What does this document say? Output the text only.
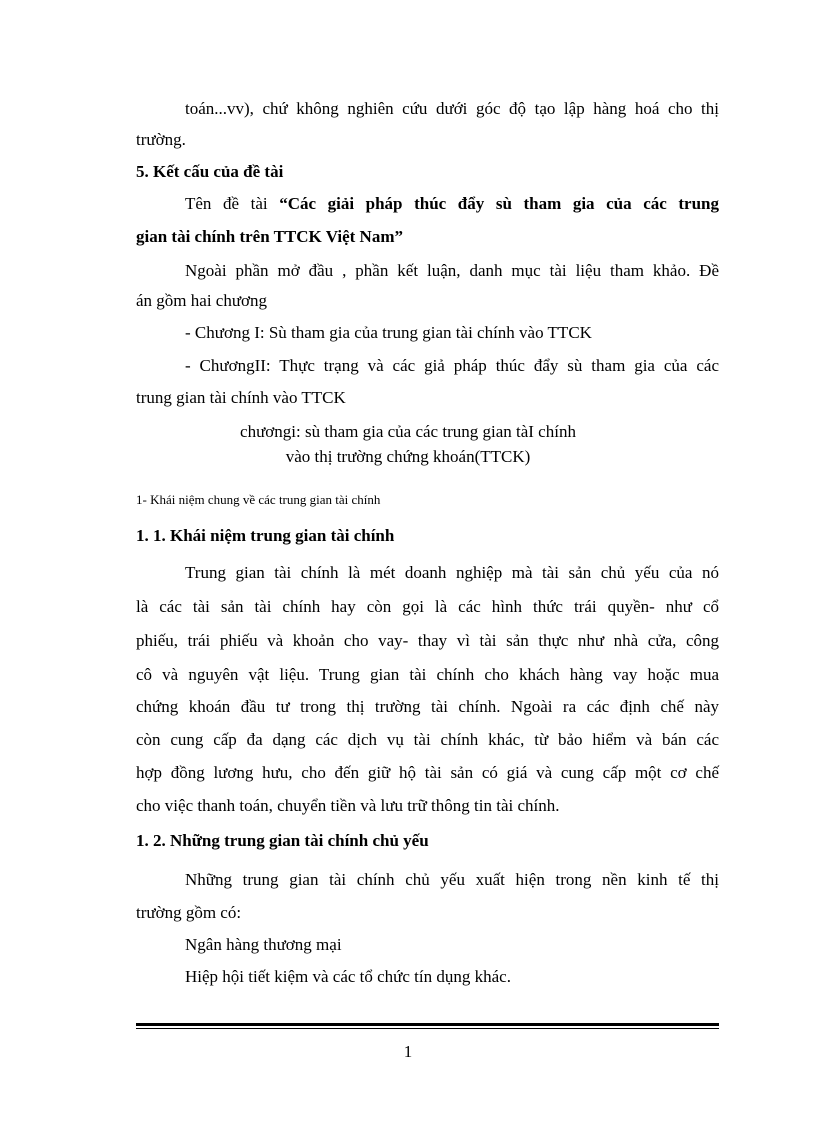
toán...vv), chứ không nghiên cứu dưới góc độ tạo lập hàng hoá cho thị
trường.
5. Kết cấu của đề tài
Tên đề tài “Các giải pháp thúc đẩy sù tham gia của các trung
gian tài chính trên TTCK Việt Nam”
Ngoài phần mở đầu , phần kết luận, danh mục tài liệu tham khảo. Đề
án gồm hai chương
- Chương I: Sù tham gia của trung gian tài chính vào TTCK
- ChươngII: Thực trạng và các giả pháp thúc đẩy sù tham gia của các
trung gian tài chính vào TTCK
chươngi: sù tham gia của các trung gian tàI chính
vào thị trường chứng khoán(TTCK)
1- Khái niệm chung về các trung gian tài chính
1. 1. Khái niệm trung gian tài chính
Trung gian tài chính là mét doanh nghiệp mà tài sản chủ yếu của nó
là các tài sản tài chính hay còn gọi là các hình thức trái quyền- như cổ
phiếu, trái phiếu và khoản cho vay- thay vì tài sản thực như nhà cửa, công
cô và nguyên vật liệu. Trung gian tài chính cho khách hàng vay hoặc mua
chứng khoán đầu tư trong thị trường tài chính. Ngoài ra các định chế này
còn cung cấp đa dạng các dịch vụ tài chính khác, từ bảo hiểm và bán các
hợp đồng lương hưu, cho đến giữ hộ tài sản có giá và cung cấp một cơ chế
cho việc thanh toán, chuyển tiền và lưu trữ thông tin tài chính.
1. 2. Những trung gian tài chính chủ yếu
Những trung gian tài chính chủ yếu xuất hiện trong nền kinh tế thị
trường gồm có:
Ngân hàng thương mại
Hiệp hội tiết kiệm và các tổ chức tín dụng khác.
1
